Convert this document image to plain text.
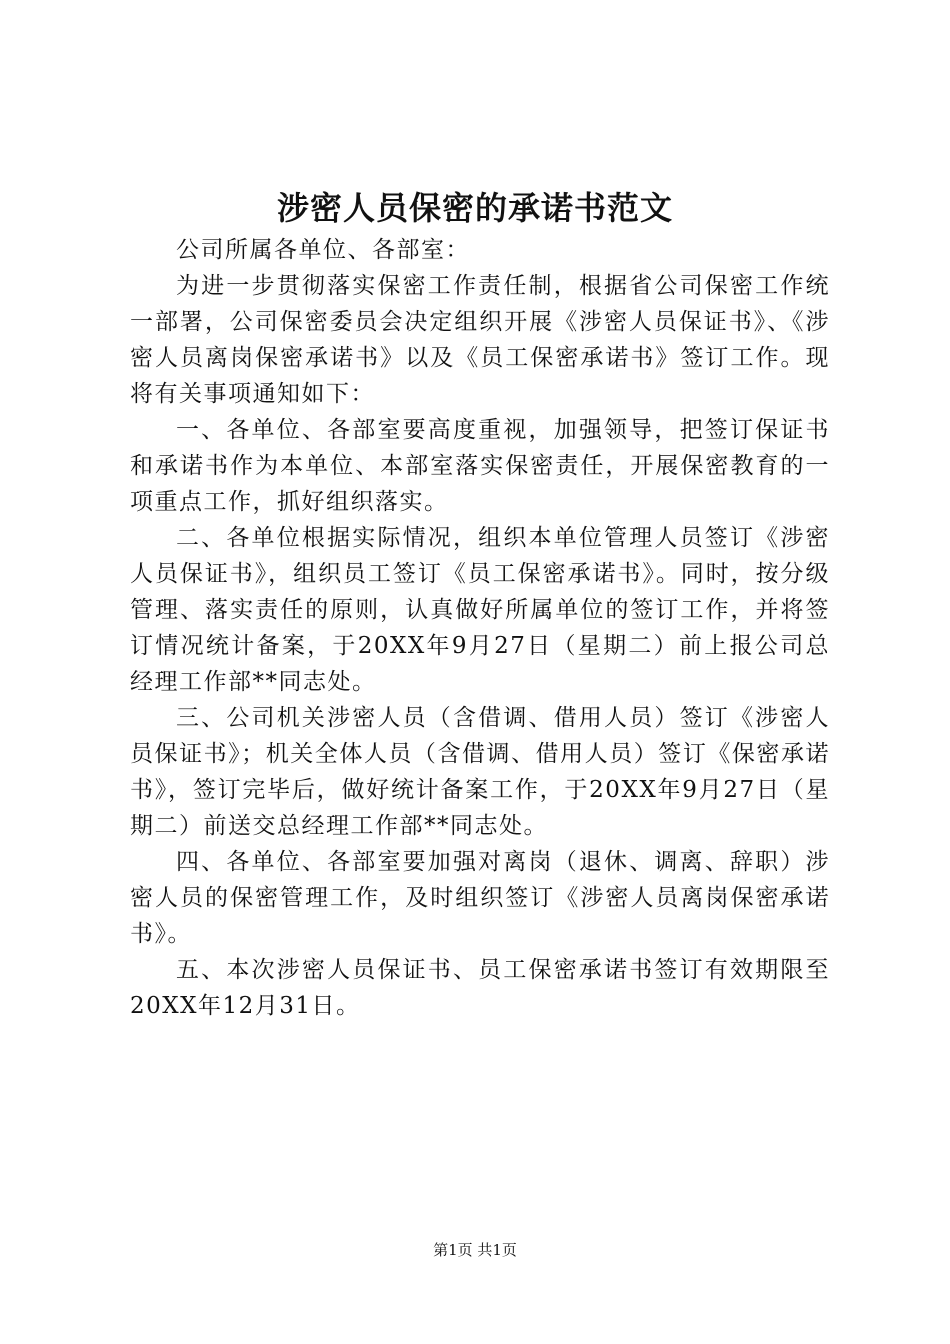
涉密人员保密的承诺书范文

公司所属各单位、各部室：

为进一步贯彻落实保密工作责任制，根据省公司保密工作统一部署，公司保密委员会决定组织开展《涉密人员保证书》、《涉密人员离岗保密承诺书》以及《员工保密承诺书》签订工作。现将有关事项通知如下：

一、各单位、各部室要高度重视，加强领导，把签订保证书和承诺书作为本单位、本部室落实保密责任，开展保密教育的一项重点工作，抓好组织落实。

二、各单位根据实际情况，组织本单位管理人员签订《涉密人员保证书》，组织员工签订《员工保密承诺书》。同时，按分级管理、落实责任的原则，认真做好所属单位的签订工作，并将签订情况统计备案，于20XX年9月27日（星期二）前上报公司总经理工作部**同志处。

三、公司机关涉密人员（含借调、借用人员）签订《涉密人员保证书》；机关全体人员（含借调、借用人员）签订《保密承诺书》，签订完毕后，做好统计备案工作，于20XX年9月27日（星期二）前送交总经理工作部**同志处。

四、各单位、各部室要加强对离岗（退休、调离、辞职）涉密人员的保密管理工作，及时组织签订《涉密人员离岗保密承诺书》。

五、本次涉密人员保证书、员工保密承诺书签订有效期限至20XX年12月31日。

第1页 共1页
